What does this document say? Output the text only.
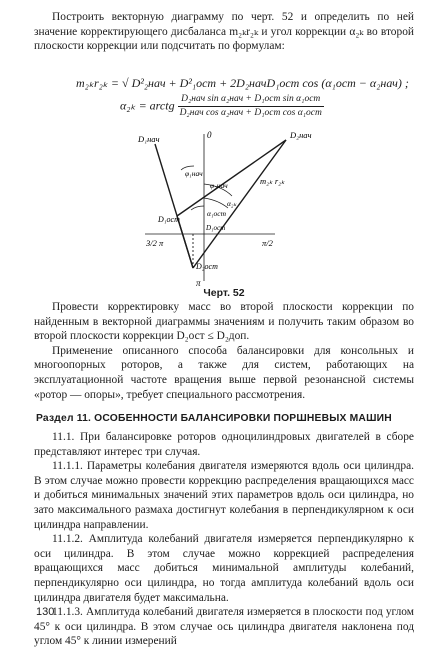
Построить векторную диаграмму по черт. 52 и определить по ней значение корректирующего дисбаланса m₂ₖr₂ₖ и угол коррекции α₂ₖ во второй плоскости коррекции или подсчитать по формулам:

m₂ₖr₂ₖ = √ D²₂нач + D²₁ост + 2D₂начD₁ост cos (α₁ост − α₂нач) ;
α₂ₖ = arctg $\frac{\text{D₂нач sin α₂нач + D₁ост sin α₁ост}}{\text{D₂нач cos α₂нач + D₁ост cos α₁ост}}$
0
π
3/2 π	π/2
D₁нач	D₂нач
φ₁нач
φ₂нач
α₁ост
α₂ₖ
m₂ₖ r₂ₖ
D₁ост
D₁ост
D₂ост
Черт. 52

Провести корректировку масс во второй плоскости коррекции по найденным в векторной диаграммы значениям и получить таким образом во второй плоскости коррекции D₂ост ≤ D₂доп.

Применение описанного способа балансировки для консольных и многоопорных роторов, а также для систем, работающих на эксплуатационной частоте вращения выше первой резонансной системы «ротор — опоры», требует специального рассмотрения.

Раздел 11. ОСОБЕННОСТИ БАЛАНСИРОВКИ ПОРШНЕВЫХ МАШИН

11.1. При балансировке роторов одноцилиндровых двигателей в сборе представляют интерес три случая.

11.1.1. Параметры колебания двигателя измеряются вдоль оси цилиндра. В этом случае можно провести коррекцию распределения вращающихся масс и добиться минимальных значений этих параметров вдоль оси цилиндра, но зато максимального размаха достигнут колебания в перпендикулярном к оси цилиндра направлении.

11.1.2. Амплитуда колебаний двигателя измеряется перпендикулярно к оси цилиндра. В этом случае можно коррекцией распределения вращающихся масс добиться минимальной амплитуды колебаний, перпендикулярно оси цилиндра, но тогда амплитуда колебаний вдоль оси цилиндра двигателя будет максимальна.

11.1.3. Амплитуда колебаний двигателя измеряется в плоскости под углом 45° к оси цилиндра. В этом случае ось цилиндра двигателя наклонена под углом 45° к линии измерений

130
